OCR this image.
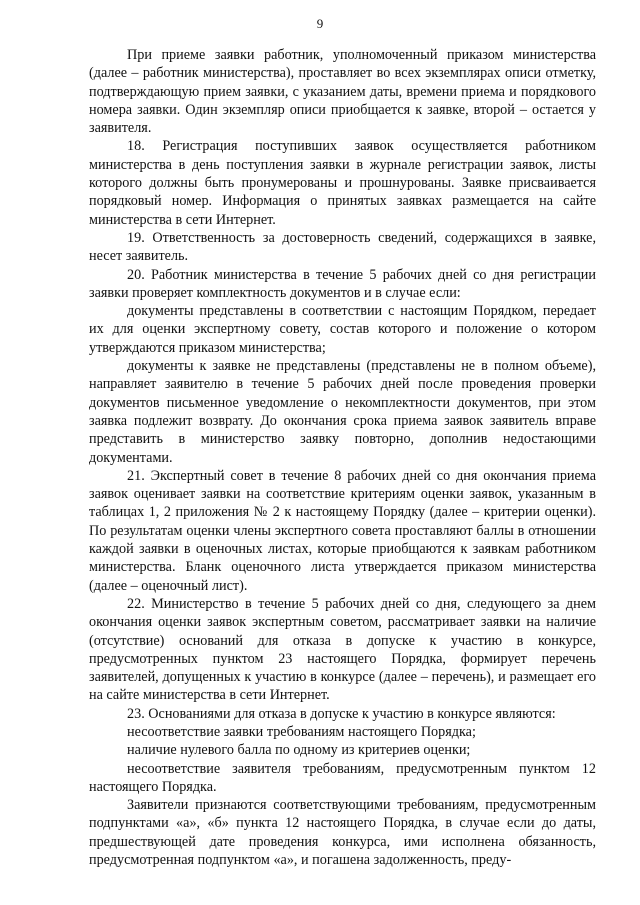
9

При приеме заявки работник, уполномоченный приказом министерства (далее – работник министерства), проставляет во всех экземплярах описи отметку, подтверждающую прием заявки, с указанием даты, времени приема и порядкового номера заявки. Один экземпляр описи приобщается к заявке, второй – остается у заявителя.

18. Регистрация поступивших заявок осуществляется работником министерства в день поступления заявки в журнале регистрации заявок, листы которого должны быть пронумерованы и прошнурованы. Заявке присваивается порядковый номер. Информация о принятых заявках размещается на сайте министерства в сети Интернет.

19. Ответственность за достоверность сведений, содержащихся в заявке, несет заявитель.

20. Работник министерства в течение 5 рабочих дней со дня регистрации заявки проверяет комплектность документов и в случае если:

документы представлены в соответствии с настоящим Порядком, передает их для оценки экспертному совету, состав которого и положение о котором утверждаются приказом министерства;

документы к заявке не представлены (представлены не в полном объеме), направляет заявителю в течение 5 рабочих дней после проведения проверки документов письменное уведомление о некомплектности документов, при этом заявка подлежит возврату. До окончания срока приема заявок заявитель вправе представить в министерство заявку повторно, дополнив недостающими документами.

21. Экспертный совет в течение 8 рабочих дней со дня окончания приема заявок оценивает заявки на соответствие критериям оценки заявок, указанным в таблицах 1, 2 приложения № 2 к настоящему Порядку (далее – критерии оценки). По результатам оценки члены экспертного совета проставляют баллы в отношении каждой заявки в оценочных листах, которые приобщаются к заявкам работником министерства. Бланк оценочного листа утверждается приказом министерства (далее – оценочный лист).

22. Министерство в течение 5 рабочих дней со дня, следующего за днем окончания оценки заявок экспертным советом, рассматривает заявки на наличие (отсутствие) оснований для отказа в допуске к участию в конкурсе, предусмотренных пунктом 23 настоящего Порядка, формирует перечень заявителей, допущенных к участию в конкурсе (далее – перечень), и размещает его на сайте министерства в сети Интернет.

23. Основаниями для отказа в допуске к участию в конкурсе являются:

несоответствие заявки требованиям настоящего Порядка;

наличие нулевого балла по одному из критериев оценки;

несоответствие заявителя требованиям, предусмотренным пунктом 12 настоящего Порядка.

Заявители признаются соответствующими требованиям, предусмотренным подпунктами «а», «б» пункта 12 настоящего Порядка, в случае если до даты, предшествующей дате проведения конкурса, ими исполнена обязанность, предусмотренная подпунктом «а», и погашена задолженность, преду-
